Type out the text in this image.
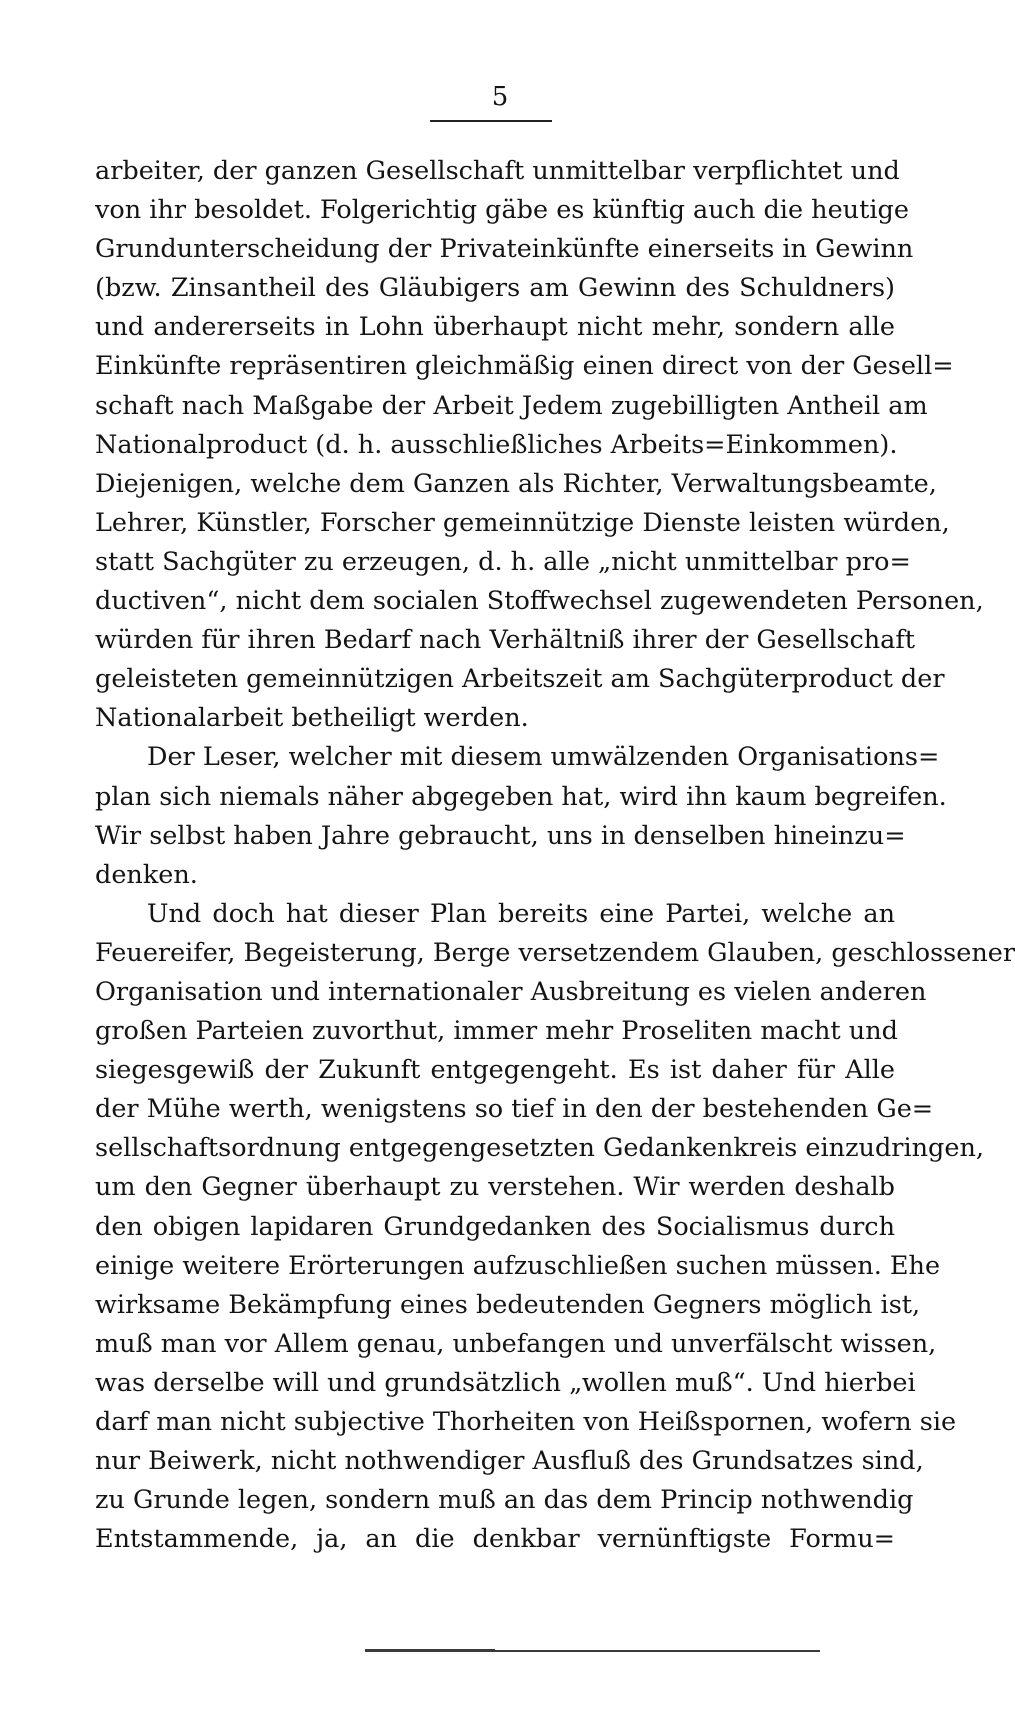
5
arbeiter, der ganzen Gesellschaft unmittelbar verpflichtet und
von ihr besoldet. Folgerichtig gäbe es künftig auch die heutige
Grundunterscheidung der Privateinkünfte einerseits in Gewinn
(bzw. Zinsantheil des Gläubigers am Gewinn des Schuldners)
und andererseits in Lohn überhaupt nicht mehr, sondern alle
Einkünfte repräsentiren gleichmäßig einen direct von der Gesell=
schaft nach Maßgabe der Arbeit Jedem zugebilligten Antheil am
Nationalproduct (d. h. ausschließliches Arbeits=Einkommen).
Diejenigen, welche dem Ganzen als Richter, Verwaltungsbeamte,
Lehrer, Künstler, Forscher gemeinnützige Dienste leisten würden,
statt Sachgüter zu erzeugen, d. h. alle „nicht unmittelbar pro=
ductiven“, nicht dem socialen Stoffwechsel zugewendeten Personen,
würden für ihren Bedarf nach Verhältniß ihrer der Gesellschaft
geleisteten gemeinnützigen Arbeitszeit am Sachgüterproduct der
Nationalarbeit betheiligt werden.
Der Leser, welcher mit diesem umwälzenden Organisations=
plan sich niemals näher abgegeben hat, wird ihn kaum begreifen.
Wir selbst haben Jahre gebraucht, uns in denselben hineinzu=
denken.
Und doch hat dieser Plan bereits eine Partei, welche an
Feuereifer, Begeisterung, Berge versetzendem Glauben, geschlossener
Organisation und internationaler Ausbreitung es vielen anderen
großen Parteien zuvorthut, immer mehr Proseliten macht und
siegesgewiß der Zukunft entgegengeht. Es ist daher für Alle
der Mühe werth, wenigstens so tief in den der bestehenden Ge=
sellschaftsordnung entgegengesetzten Gedankenkreis einzudringen,
um den Gegner überhaupt zu verstehen. Wir werden deshalb
den obigen lapidaren Grundgedanken des Socialismus durch
einige weitere Erörterungen aufzuschließen suchen müssen. Ehe
wirksame Bekämpfung eines bedeutenden Gegners möglich ist,
muß man vor Allem genau, unbefangen und unverfälscht wissen,
was derselbe will und grundsätzlich „wollen muß“. Und hierbei
darf man nicht subjective Thorheiten von Heißspornen, wofern sie
nur Beiwerk, nicht nothwendiger Ausfluß des Grundsatzes sind,
zu Grunde legen, sondern muß an das dem Princip nothwendig
Entstammende, ja, an die denkbar vernünftigste Formu=
